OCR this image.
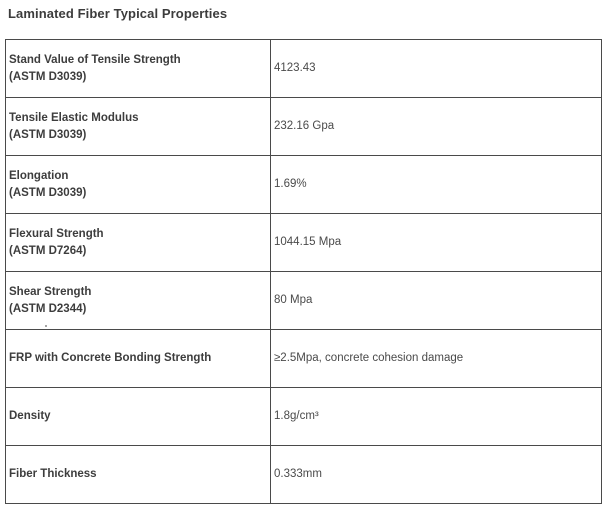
Laminated Fiber Typical Properties
Stand Value of Tensile Strength
(ASTM D3039)	4123.43

Tensile Elastic Modulus
(ASTM D3039)	232.16 Gpa

Elongation
(ASTM D3039)	1.69%

Flexural Strength
(ASTM D7264)	1044.15 Mpa

Shear Strength
(ASTM D2344)	80 Mpa

FRP with Concrete Bonding Strength	≥2.5Mpa, concrete cohesion damage

Density	1.8g/cm³

Fiber Thickness	0.333mm
